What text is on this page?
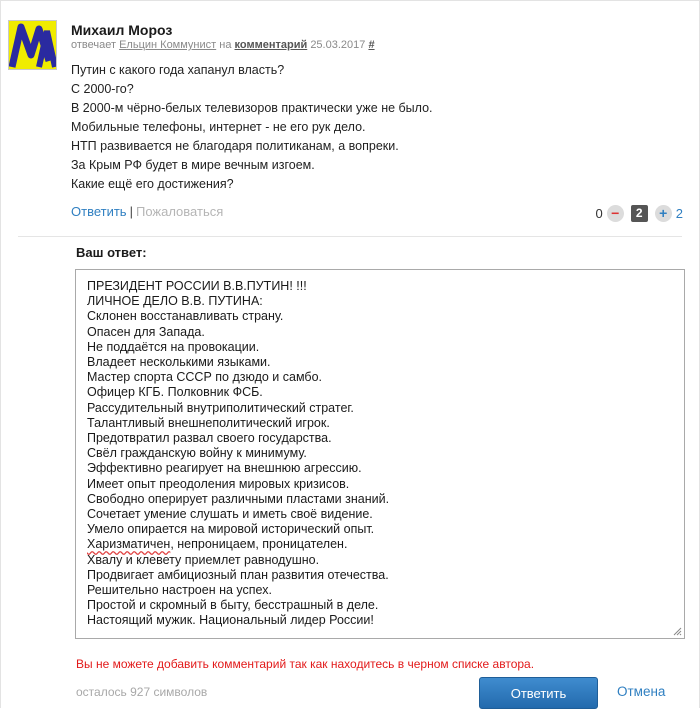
Михаил Мороз
отвечает Ельцин Коммунист на комментарий 25.03.2017 #
Путин с какого года хапанул власть?
С 2000-го?
В 2000-м чёрно-белых телевизоров практически уже не было.
Мобильные телефоны, интернет - не его рук дело.
НТП развивается не благодаря политиканам, а вопреки.
За Крым РФ будет в мире вечным изгоем.
Какие ещё его достижения?
Ответить | Пожаловаться	0 −	2	+ 2
Ваш ответ:
ПРЕЗИДЕНТ РОССИИ В.В.ПУТИН! !!!
ЛИЧНОЕ ДЕЛО В.В. ПУТИНА:
Склонен восстанавливать страну.
Опасен для Запада.
Не поддаётся на провокации.
Владеет несколькими языками.
Мастер спорта СССР по дзюдо и самбо.
Офицер КГБ. Полковник ФСБ.
Рассудительный внутриполитический стратег.
Талантливый внешнеполитический игрок.
Предотвратил развал своего государства.
Свёл гражданскую войну к минимуму.
Эффективно реагирует на внешнюю агрессию.
Имеет опыт преодоления мировых кризисов.
Свободно оперирует различными пластами знаний.
Сочетает умение слушать и иметь своё видение.
Умело опирается на мировой исторический опыт.
Харизматичен, непроницаем, проницателен.
Хвалу и клевету приемлет равнодушно.
Продвигает амбициозный план развития отечества.
Решительно настроен на успех.
Простой и скромный в быту, бесстрашный в деле.
Настоящий мужик. Национальный лидер России!
Вы не можете добавить комментарий так как находитесь в черном списке автора.
осталось 927 символов	Ответить	Отмена
